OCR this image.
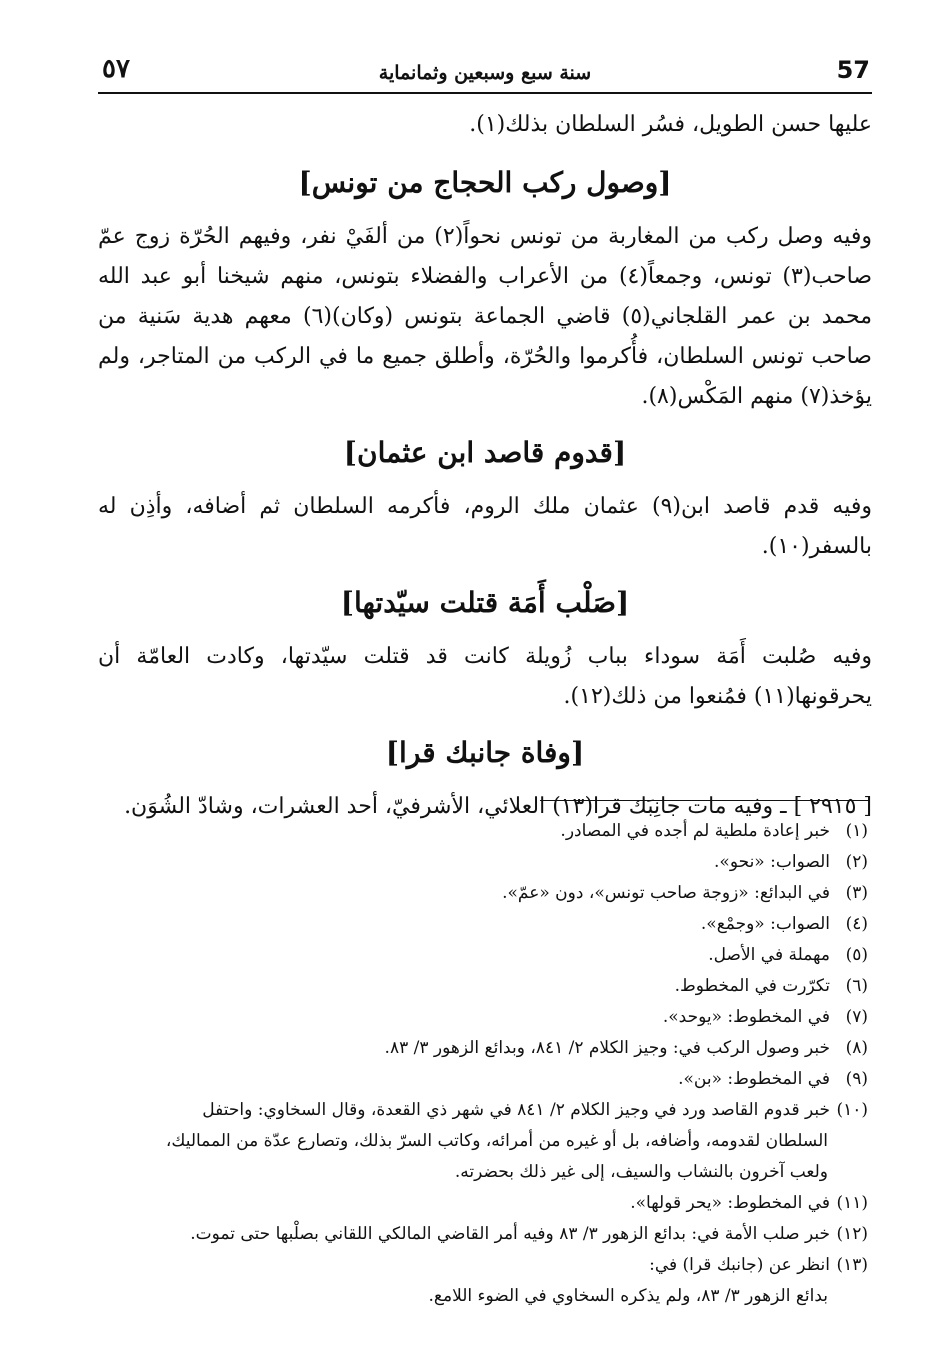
٥٧	سنة سبع وسبعين وثمانماية	57

عليها حسن الطويل، فسُر السلطان بذلك(١).

[وصول ركب الحجاج من تونس]

وفيه وصل ركب من المغاربة من تونس نحواً(٢) من ألفَيْ نفر، وفيهم الحُرّة زوج عمّ صاحب(٣) تونس، وجمعاً(٤) من الأعراب والفضلاء بتونس، منهم شيخنا أبو عبد الله محمد بن عمر القلجاني(٥) قاضي الجماعة بتونس (وكان)(٦) معهم هدية سَنية من صاحب تونس السلطان، فأُكرموا والحُرّة، وأطلق جميع ما في الركب من المتاجر، ولم يؤخذ(٧) منهم المَكْس(٨).

[قدوم قاصد ابن عثمان]

وفيه قدم قاصد ابن(٩) عثمان ملك الروم، فأكرمه السلطان ثم أضافه، وأذِن له بالسفر(١٠).

[صَلْب أَمَة قتلت سيّدتها]

وفيه صُلبت أَمَة سوداء بباب زُويلة كانت قد قتلت سيّدتها، وكادت العامّة أن يحرقونها(١١) فمُنعوا من ذلك(١٢).

[وفاة جانبك قرا]

[ ٢٩١٥ ] ـ وفيه مات جانِبَك قرا(١٣) العلائي، الأشرفيّ، أحد العشرات، وشادّ الشُوَن.

(١)خبر إعادة ملطية لم أجده في المصادر.
(٢)الصواب: «نحو».
(٣)في البدائع: «زوجة صاحب تونس»، دون «عمّ».
(٤)الصواب: «وجمْع».
(٥)مهملة في الأصل.
(٦)تكرّرت في المخطوط.
(٧)في المخطوط: «يوحد».
(٨)خبر وصول الركب في: وجيز الكلام ٢/ ٨٤١، وبدائع الزهور ٣/ ٨٣.
(٩)في المخطوط: «بن».
(١٠)خبر قدوم القاصد ورد في وجيز الكلام ٢/ ٨٤١ في شهر ذي القعدة، وقال السخاوي: واحتفل
السلطان لقدومه، وأضافه، بل أو غيره من أمرائه، وكاتب السرّ بذلك، وتصارع عدّة من المماليك،
ولعب آخرون بالنشاب والسيف، إلى غير ذلك بحضرته.
(١١)في المخطوط: «يحر قولها».
(١٢)خبر صلب الأمة في: بدائع الزهور ٣/ ٨٣ وفيه أمر القاضي المالكي اللقاني بصلْبها حتى تموت.
(١٣)انظر عن (جانبك قرا) في:
بدائع الزهور ٣/ ٨٣، ولم يذكره السخاوي في الضوء اللامع.
